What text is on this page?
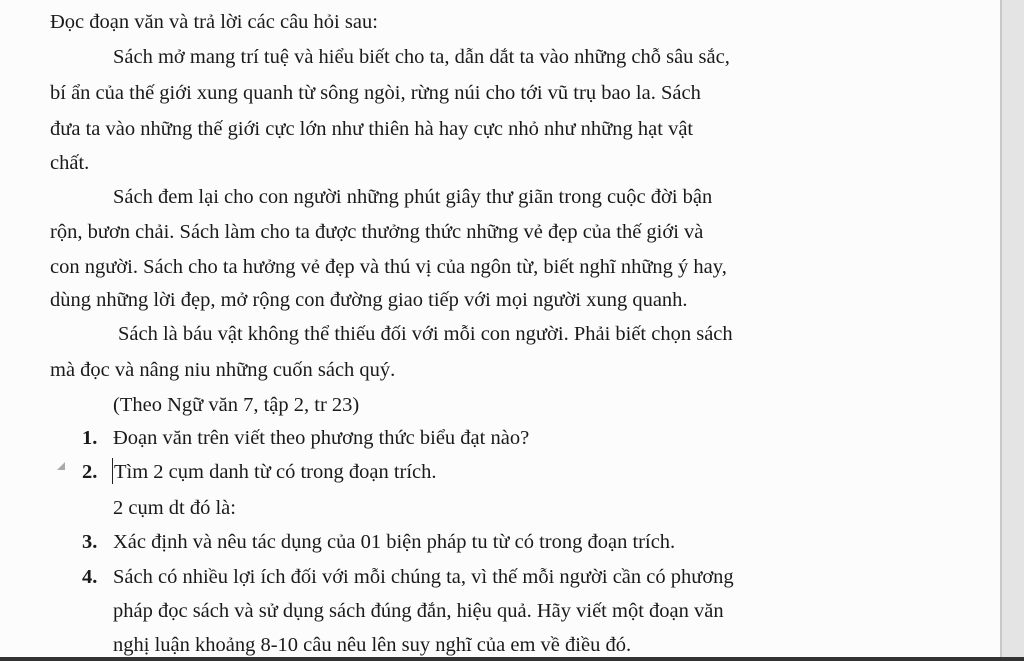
Đọc đoạn văn và trả lời các câu hỏi sau:
Sách mở mang trí tuệ và hiểu biết cho ta, dẫn dắt ta vào những chỗ sâu sắc,
bí ẩn của thế giới xung quanh từ sông ngòi, rừng núi cho tới vũ trụ bao la. Sách
đưa ta vào những thế giới cực lớn như thiên hà hay cực nhỏ như những hạt vật
chất.
Sách đem lại cho con người những phút giây thư giãn trong cuộc đời bận
rộn, bươn chải. Sách làm cho ta được thưởng thức những vẻ đẹp của thế giới và
con người. Sách cho ta hưởng vẻ đẹp và thú vị của ngôn từ, biết nghĩ những ý hay,
dùng những lời đẹp, mở rộng con đường giao tiếp với mọi người xung quanh.
Sách là báu vật không thể thiếu đối với mỗi con người. Phải biết chọn sách
mà đọc và nâng niu những cuốn sách quý.
(Theo Ngữ văn 7, tập 2, tr 23)
1. Đoạn văn trên viết theo phương thức biểu đạt nào?
2. Tìm 2 cụm danh từ có trong đoạn trích.
2 cụm dt đó là:
3. Xác định và nêu tác dụng của 01 biện pháp tu từ có trong đoạn trích.
4. Sách có nhiều lợi ích đối với mỗi chúng ta, vì thế mỗi người cần có phương
pháp đọc sách và sử dụng sách đúng đắn, hiệu quả. Hãy viết một đoạn văn
nghị luận khoảng 8-10 câu nêu lên suy nghĩ của em về điều đó.
